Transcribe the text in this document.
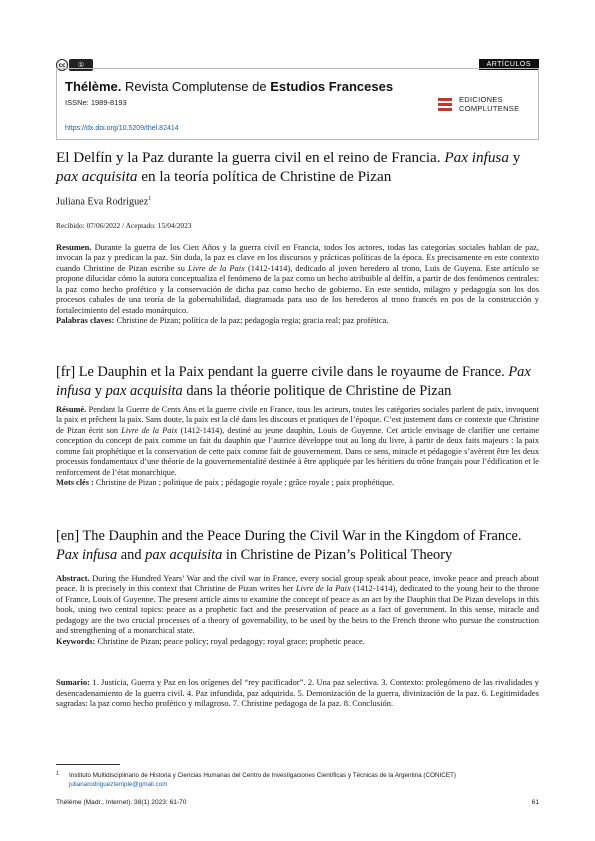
cc	①	ARTÍCULOS
Thélème. Revista Complutense de Estudios Franceses
ISSNe: 1989-8193
https://dx.doi.org/10.5209/thel.82414
EDICIONES
COMPLUTENSE
El Delfín y la Paz durante la guerra civil en el reino de Francia. Pax infusa y pax acquisita en la teoría política de Christine de Pizan
Juliana Eva Rodriguez$^1$
Recibido: 07/06/2022 / Aceptado: 15/04/2023
Resumen. Durante la guerra de los Cien Años y la guerra civil en Francia, todos los actores, todas las categorías sociales hablan de paz, invocan la paz y predican la paz. Sin duda, la paz es clave en los discursos y prácticas políticas de la época. Es precisamente en este contexto cuando Christine de Pizan escribe su Livre de la Paix (1412-1414), dedicado al joven heredero al trono, Luis de Guyena. Este artículo se propone dilucidar cómo la autora conceptualiza el fenómeno de la paz como un hecho atribuible al delfín, a partir de dos fenómenos centrales: la paz como hecho profético y la conservación de dicha paz como hecho de gobierno. En este sentido, milagro y pedagogía son los dos procesos cabales de una teoría de la gobernabilidad, diagramada para uso de los herederos al trono francés en pos de la construcción y fortalecimiento del estado monárquico.
Palabras claves: Christine de Pizan; política de la paz; pedagogía regia; gracia real; paz profética.
[fr] Le Dauphin et la Paix pendant la guerre civile dans le royaume de France. Pax infusa y pax acquisita dans la théorie politique de Christine de Pizan
Résumé. Pendant la Guerre de Cents Ans et la guerre civile en France, tous les acteurs, toutes les catégories sociales parlent de paix, invoquent la paix et prêchent la paix. Sans doute, la paix est la clé dans les discours et pratiques de l’époque. C’est justement dans ce contexte que Christine de Pizan écrit son Livre de la Paix (1412-1414), destiné au jeune dauphin, Louis de Guyenne. Cet article envisage de clarifier une certaine conception du concept de paix comme un fait du dauphin que l’autrice développe tout au long du livre, à partir de deux faits majeurs : la paix comme fait prophétique et la conservation de cette paix comme fait de gouvernement. Dans ce sens, miracle et pédagogie s’avèrent être les deux processus fondamentaux d’une théorie de la gouvernementalité destinée à être appliquée par les héritiers du trône français pour l’édification et le renforcement de l’état monarchique.
Mots clés : Christine de Pizan ; politique de paix ; pédagogie royale ; grâce royale ; paix prophétique.
[en] The Dauphin and the Peace During the Civil War in the Kingdom of France. Pax infusa and pax acquisita in Christine de Pizan’s Political Theory
Abstract. During the Hundred Years’ War and the civil war in France, every social group speak about peace, invoke peace and preach about peace. It is precisely in this context that Christine de Pizan writes her Livre de la Paix (1412-1414), dedicated to the young heir to the throne of France, Louis of Guyenne. The present article aims to examine the concept of peace as an act by the Dauphin that De Pizan develops in this book, using two central topics: peace as a prophetic fact and the preservation of peace as a fact of government. In this sense, miracle and pedagogy are the two crucial processes of a theory of governability, to be used by the heirs to the French throne who pursue the construction and strengthening of a monarchical state.
Keywords: Christine de Pizan; peace policy; royal pedagogy; royal grace; prophetic peace.
Sumario: 1. Justicia, Guerra y Paz en los orígenes del “rey pacificador”. 2. Una paz selectiva. 3. Contexto: prolegómeno de las rivalidades y desencadenamiento de la guerra civil. 4. Paz infundida, paz adquirida. 5. Demonización de la guerra, divinización de la paz. 6. Legitimidades sagradas: la paz como hecho profético y milagroso. 7. Christine pedagoga de la paz. 8. Conclusión.
1 Instituto Multidisciplinario de Historia y Ciencias Humanas del Centro de Investigaciones Científicas y Técnicas de la Argentina (CONICET)
julianarodrigueztemple@gmail.com
Thélème (Madr., Internet). 38(1) 2023: 61-70	61
